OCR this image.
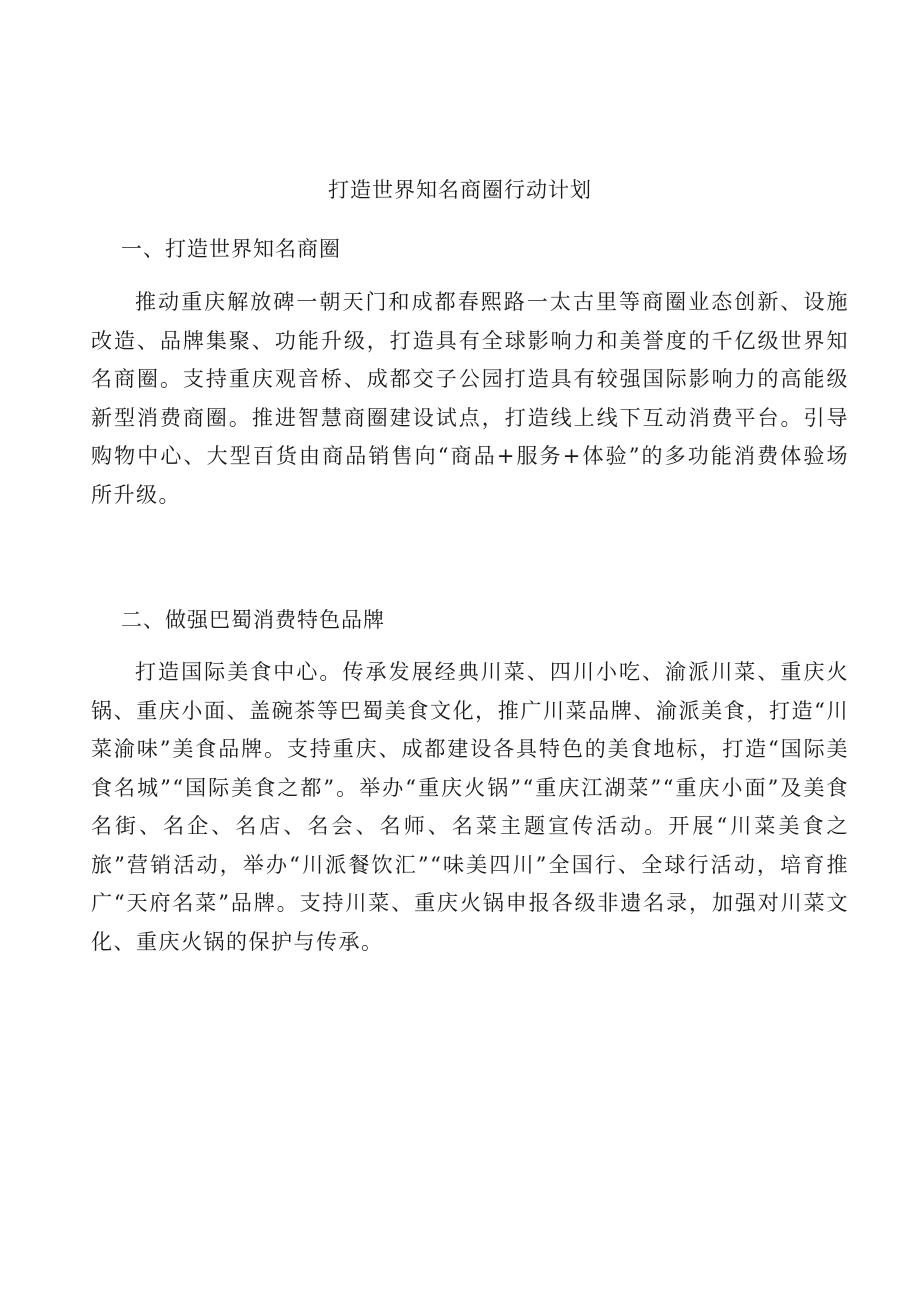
打造世界知名商圈行动计划
一、打造世界知名商圈

推动重庆解放碑一朝天门和成都春熙路一太古里等商圈业态创新、设施改造、品牌集聚、功能升级，打造具有全球影响力和美誉度的千亿级世界知名商圈。支持重庆观音桥、成都交子公园打造具有较强国际影响力的高能级新型消费商圈。推进智慧商圈建设试点，打造线上线下互动消费平台。引导购物中心、大型百货由商品销售向“商品+服务+体验”的多功能消费体验场所升级。

二、做强巴蜀消费特色品牌

打造国际美食中心。传承发展经典川菜、四川小吃、渝派川菜、重庆火锅、重庆小面、盖碗茶等巴蜀美食文化，推广川菜品牌、渝派美食，打造“川菜渝味”美食品牌。支持重庆、成都建设各具特色的美食地标，打造“国际美食名城”“国际美食之都”。举办“重庆火锅”“重庆江湖菜”“重庆小面”及美食名街、名企、名店、名会、名师、名菜主题宣传活动。开展“川菜美食之旅”营销活动，举办“川派餐饮汇”“味美四川”全国行、全球行活动，培育推广“天府名菜”品牌。支持川菜、重庆火锅申报各级非遗名录，加强对川菜文化、重庆火锅的保护与传承。
